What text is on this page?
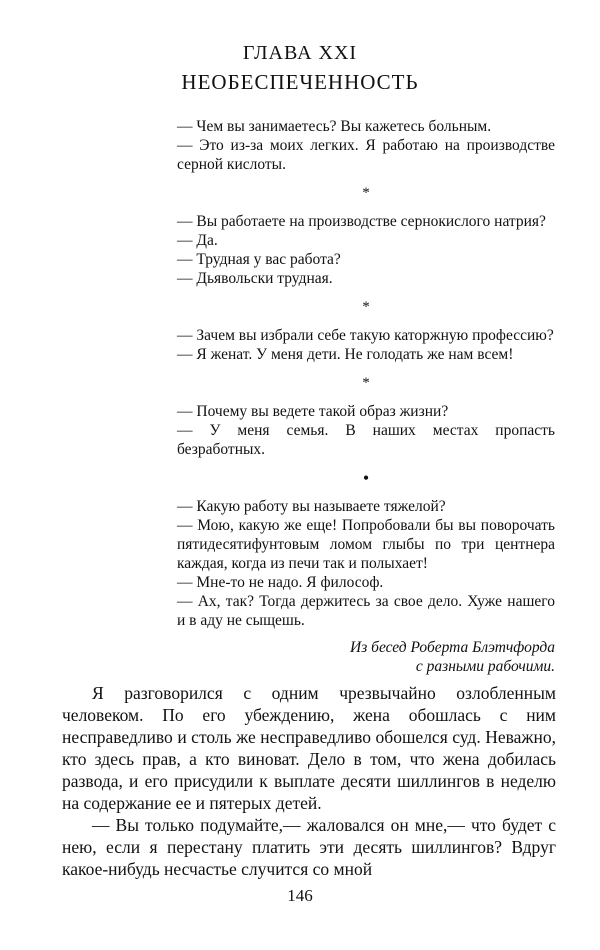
ГЛАВА XXI
НЕОБЕСПЕЧЕННОСТЬ

— Чем вы занимаетесь? Вы кажетесь больным.

— Это из-за моих легких. Я работаю на производстве серной кислоты.

*

— Вы работаете на производстве сернокислого натрия?

— Да.

— Трудная у вас работа?

— Дьявольски трудная.

*

— Зачем вы избрали себе такую каторжную профессию?

— Я женат. У меня дети. Не голодать же нам всем!

*

— Почему вы ведете такой образ жизни?

— У меня семья. В наших местах пропасть безработных.

•

— Какую работу вы называете тяжелой?

— Мою, какую же еще! Попробовали бы вы поворочать пятидесятифунтовым ломом глыбы по три центнера каждая, когда из печи так и полыхает!

— Мне-то не надо. Я философ.

— Ах, так? Тогда держитесь за свое дело. Хуже нашего и в аду не сыщешь.

Из бесед Роберта Блэтчфорда
с разными рабочими.

Я разговорился с одним чрезвычайно озлобленным человеком. По его убеждению, жена обошлась с ним несправедливо и столь же несправедливо обошелся суд. Неважно, кто здесь прав, а кто виноват. Дело в том, что жена добилась развода, и его присудили к выплате десяти шиллингов в неделю на содержание ее и пятерых детей.

— Вы только подумайте,— жаловался он мне,— что будет с нею, если я перестану платить эти десять шиллингов? Вдруг какое-нибудь несчастье случится со мной

146
